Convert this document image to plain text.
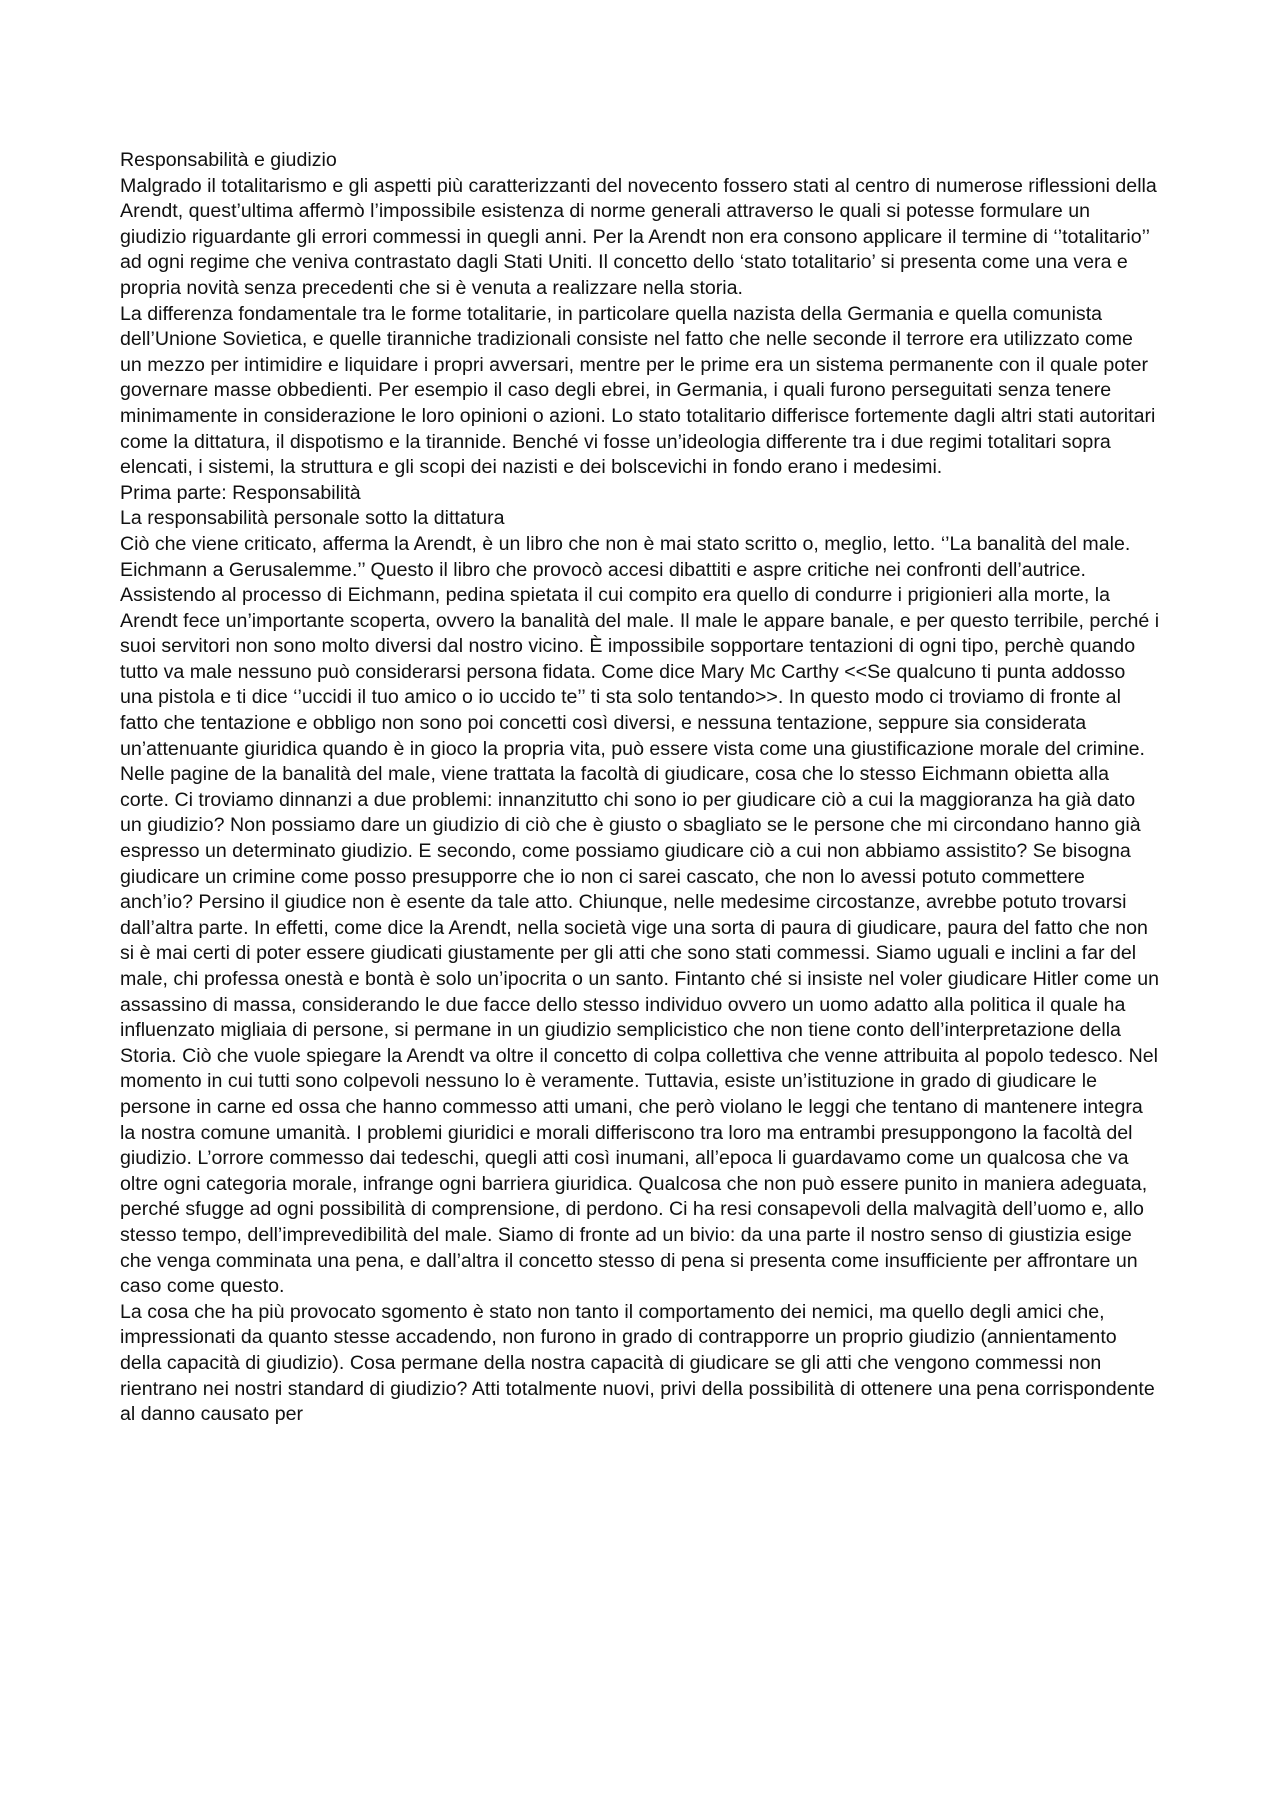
Responsabilità e giudizio

Malgrado il totalitarismo e gli aspetti più caratterizzanti del novecento fossero stati al centro di numerose riflessioni della Arendt, quest’ultima affermò l’impossibile esistenza di norme generali attraverso le quali si potesse formulare un giudizio riguardante gli errori commessi in quegli anni. Per la Arendt non era consono applicare il termine di ‘’totalitario’’ ad ogni regime che veniva contrastato dagli Stati Uniti. Il concetto dello ‘stato totalitario’ si presenta come una vera e propria novità senza precedenti che si è venuta a realizzare nella storia.

La differenza fondamentale tra le forme totalitarie, in particolare quella nazista della Germania e quella comunista dell’Unione Sovietica, e quelle tiranniche tradizionali consiste nel fatto che nelle seconde il terrore era utilizzato come un mezzo per intimidire e liquidare i propri avversari, mentre per le prime era un sistema permanente con il quale poter governare masse obbedienti. Per esempio il caso degli ebrei, in Germania, i quali furono perseguitati senza tenere minimamente in considerazione le loro opinioni o azioni. Lo stato totalitario differisce fortemente dagli altri stati autoritari come la dittatura, il dispotismo e la tirannide. Benché vi fosse un’ideologia differente tra i due regimi totalitari sopra elencati, i sistemi, la struttura e gli scopi dei nazisti e dei bolscevichi in fondo erano i medesimi.

Prima parte: Responsabilità

La responsabilità personale sotto la dittatura

Ciò che viene criticato, afferma la Arendt, è un libro che non è mai stato scritto o, meglio, letto. ‘’La banalità del male. Eichmann a Gerusalemme.’’ Questo il libro che provocò accesi dibattiti e aspre critiche nei confronti dell’autrice. Assistendo al processo di Eichmann, pedina spietata il cui compito era quello di condurre i prigionieri alla morte, la Arendt fece un’importante scoperta, ovvero la banalità del male. Il male le appare banale, e per questo terribile, perché i suoi servitori non sono molto diversi dal nostro vicino. È impossibile sopportare tentazioni di ogni tipo, perchè quando tutto va male nessuno può considerarsi persona fidata. Come dice Mary Mc Carthy <<Se qualcuno ti punta addosso una pistola e ti dice ‘’uccidi il tuo amico o io uccido te’’ ti sta solo tentando>>. In questo modo ci troviamo di fronte al fatto che tentazione e obbligo non sono poi concetti così diversi, e nessuna tentazione, seppure sia considerata un’attenuante giuridica quando è in gioco la propria vita, può essere vista come una giustificazione morale del crimine.

Nelle pagine de la banalità del male, viene trattata la facoltà di giudicare, cosa che lo stesso Eichmann obietta alla corte. Ci troviamo dinnanzi a due problemi: innanzitutto chi sono io per giudicare ciò a cui la maggioranza ha già dato un giudizio? Non possiamo dare un giudizio di ciò che è giusto o sbagliato se le persone che mi circondano hanno già espresso un determinato giudizio. E secondo, come possiamo giudicare ciò a cui non abbiamo assistito? Se bisogna giudicare un crimine come posso presupporre che io non ci sarei cascato, che non lo avessi potuto commettere anch’io? Persino il giudice non è esente da tale atto. Chiunque, nelle medesime circostanze, avrebbe potuto trovarsi dall’altra parte. In effetti, come dice la Arendt, nella società vige una sorta di paura di giudicare, paura del fatto che non si è mai certi di poter essere giudicati giustamente per gli atti che sono stati commessi. Siamo uguali e inclini a far del male, chi professa onestà e bontà è solo un’ipocrita o un santo. Fintanto ché si insiste nel voler giudicare Hitler come un assassino di massa, considerando le due facce dello stesso individuo ovvero un uomo adatto alla politica il quale ha influenzato migliaia di persone, si permane in un giudizio semplicistico che non tiene conto dell’interpretazione della Storia. Ciò che vuole spiegare la Arendt va oltre il concetto di colpa collettiva che venne attribuita al popolo tedesco. Nel momento in cui tutti sono colpevoli nessuno lo è veramente. Tuttavia, esiste un’istituzione in grado di giudicare le persone in carne ed ossa che hanno commesso atti umani, che però violano le leggi che tentano di mantenere integra la nostra comune umanità. I problemi giuridici e morali differiscono tra loro ma entrambi presuppongono la facoltà del giudizio. L’orrore commesso dai tedeschi, quegli atti così inumani, all’epoca li guardavamo come un qualcosa che va oltre ogni categoria morale, infrange ogni barriera giuridica. Qualcosa che non può essere punito in maniera adeguata, perché sfugge ad ogni possibilità di comprensione, di perdono. Ci ha resi consapevoli della malvagità dell’uomo e, allo stesso tempo, dell’imprevedibilità del male. Siamo di fronte ad un bivio: da una parte il nostro senso di giustizia esige che venga comminata una pena, e dall’altra il concetto stesso di pena si presenta come insufficiente per affrontare un caso come questo.

La cosa che ha più provocato sgomento è stato non tanto il comportamento dei nemici, ma quello degli amici che, impressionati da quanto stesse accadendo, non furono in grado di contrapporre un proprio giudizio (annientamento della capacità di giudizio). Cosa permane della nostra capacità di giudicare se gli atti che vengono commessi non rientrano nei nostri standard di giudizio? Atti totalmente nuovi, privi della possibilità di ottenere una pena corrispondente al danno causato per
